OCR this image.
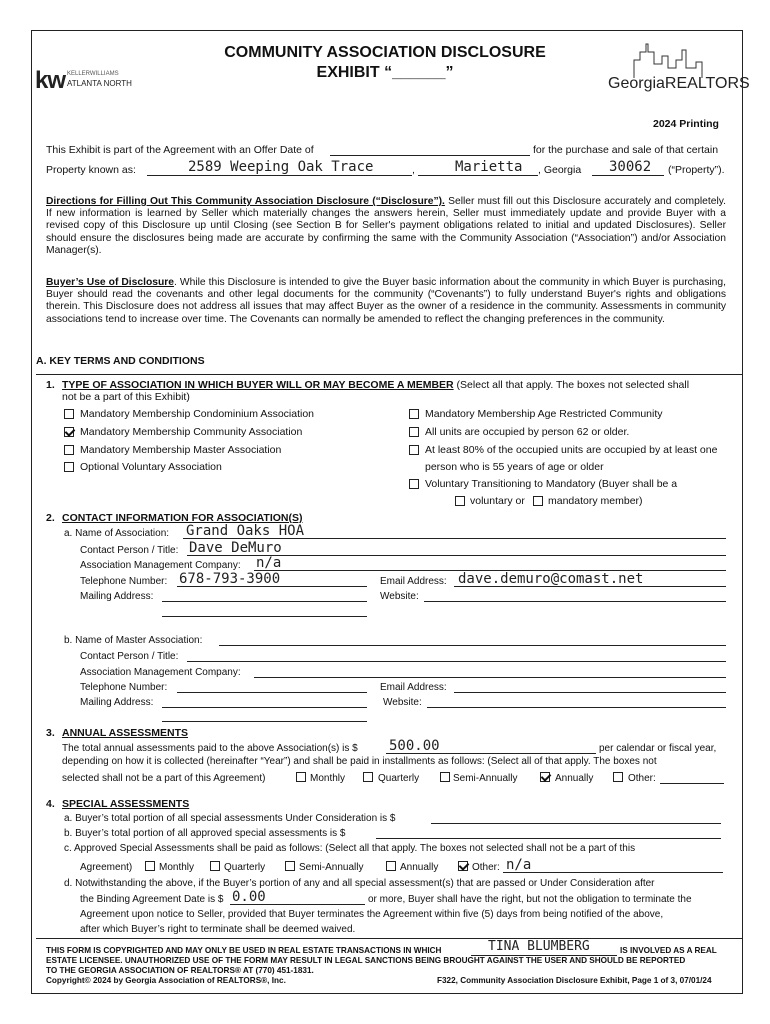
COMMUNITY ASSOCIATION DISCLOSURE
EXHIBIT “______”
kw KELLERWILLIAMS
ATLANTA NORTH	GeorgiaREALTORS
2024 Printing
This Exhibit is part of the Agreement with an Offer Date of	for the purchase and sale of that certain
Property known as:	2589 Weeping Oak Trace	,	Marietta , Georgia 30062 (“Property”).
Directions for Filling Out This Community Association Disclosure (“Disclosure”). Seller must fill out this Disclosure accurately and completely. If new information is learned by Seller which materially changes the answers herein, Seller must immediately update and provide Buyer with a revised copy of this Disclosure up until Closing (see Section B for Seller's payment obligations related to initial and updated Disclosures). Seller should ensure the disclosures being made are accurate by confirming the same with the Community Association (“Association”) and/or Association Manager(s).
Buyer’s Use of Disclosure. While this Disclosure is intended to give the Buyer basic information about the community in which Buyer is purchasing, Buyer should read the covenants and other legal documents for the community (“Covenants”) to fully understand Buyer's rights and obligations therein. This Disclosure does not address all issues that may affect Buyer as the owner of a residence in the community. Assessments in community associations tend to increase over time. The Covenants can normally be amended to reflect the changing preferences in the community.
A. KEY TERMS AND CONDITIONS
1. TYPE OF ASSOCIATION IN WHICH BUYER WILL OR MAY BECOME A MEMBER (Select all that apply. The boxes not selected shall
not be a part of this Exhibit)
Mandatory Membership Condominium Association
Mandatory Membership Community Association
Mandatory Membership Master Association
Optional Voluntary Association
Mandatory Membership Age Restricted Community
All units are occupied by person 62 or older.
At least 80% of the occupied units are occupied by at least one
person who is 55 years of age or older
Voluntary Transitioning to Mandatory (Buyer shall be a
voluntary or mandatory member)
2. CONTACT INFORMATION FOR ASSOCIATION(S)
a. Name of Association: Grand Oaks HOA
Contact Person / Title: Dave DeMuro
Association Management Company: n/a
Telephone Number: 678-793-3900	Email Address: dave.demuro@comast.net
Mailing Address:	Website:
b. Name of Master Association:
Contact Person / Title:
Association Management Company:
Telephone Number:	Email Address:
Mailing Address:	Website:
3. ANNUAL ASSESSMENTS
The total annual assessments paid to the above Association(s) is $ 500.00	per calendar or fiscal year,
depending on how it is collected (hereinafter “Year”) and shall be paid in installments as follows: (Select all of that apply. The boxes not
selected shall not be a part of this Agreement)	Monthly	Quarterly	Semi-Annually	Annually	Other:
4. SPECIAL ASSESSMENTS
a. Buyer’s total portion of all special assessments Under Consideration is $
b. Buyer’s total portion of all approved special assessments is $
c. Approved Special Assessments shall be paid as follows: (Select all that apply. The boxes not selected shall not be a part of this
Agreement)	Monthly	Quarterly	Semi-Annually	Annually	Other: n/a
d. Notwithstanding the above, if the Buyer’s portion of any and all special assessment(s) that are passed or Under Consideration after
the Binding Agreement Date is $ 0.00	or more, Buyer shall have the right, but not the obligation to terminate the
Agreement upon notice to Seller, provided that Buyer terminates the Agreement within five (5) days from being notified of the above,
after which Buyer’s right to terminate shall be deemed waived.
THIS FORM IS COPYRIGHTED AND MAY ONLY BE USED IN REAL ESTATE TRANSACTIONS IN WHICH	TINA BLUMBERG	IS INVOLVED AS A REAL
ESTATE LICENSEE. UNAUTHORIZED USE OF THE FORM MAY RESULT IN LEGAL SANCTIONS BEING BROUGHT AGAINST THE USER AND SHOULD BE REPORTED
TO THE GEORGIA ASSOCIATION OF REALTORS® AT (770) 451-1831.
Copyright© 2024 by Georgia Association of REALTORS®, Inc.	F322, Community Association Disclosure Exhibit, Page 1 of 3, 07/01/24
